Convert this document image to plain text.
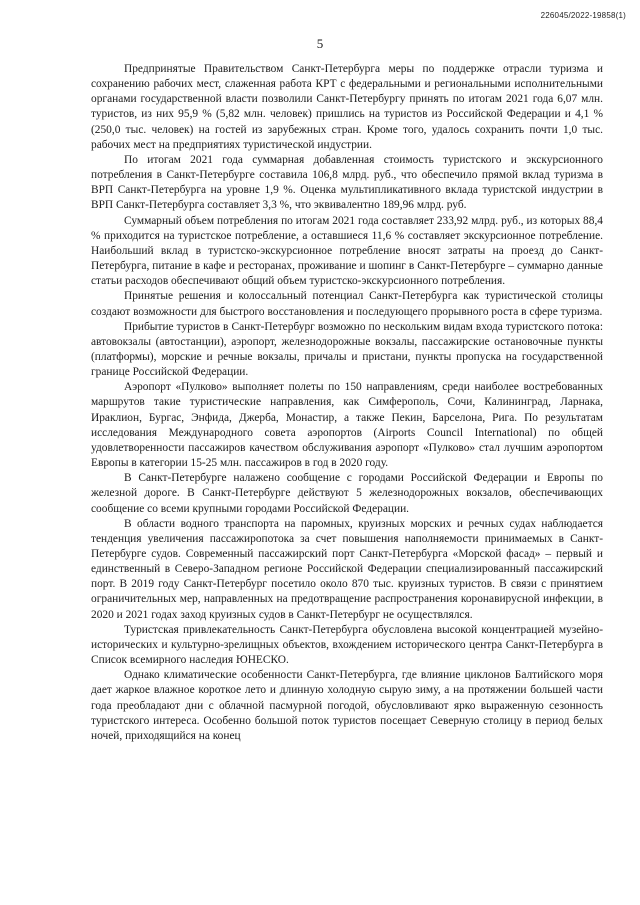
226045/2022-19858(1)
5

Предпринятые Правительством Санкт-Петербурга меры по поддержке отрасли туризма и сохранению рабочих мест, слаженная работа КРТ с федеральными и региональными исполнительными органами государственной власти позволили Санкт-Петербургу принять по итогам 2021 года 6,07 млн. туристов, из них 95,9 % (5,82 млн. человек) пришлись на туристов из Российской Федерации и 4,1 % (250,0 тыс. человек) на гостей из зарубежных стран. Кроме того, удалось сохранить почти 1,0 тыс. рабочих мест на предприятиях туристической индустрии.

По итогам 2021 года суммарная добавленная стоимость туристского и экскурсионного потребления в Санкт-Петербурге составила 106,8 млрд. руб., что обеспечило прямой вклад туризма в ВРП Санкт-Петербурга на уровне 1,9 %. Оценка мультипликативного вклада туристской индустрии в ВРП Санкт-Петербурга составляет 3,3 %, что эквивалентно 189,96 млрд. руб.

Суммарный объем потребления по итогам 2021 года составляет 233,92 млрд. руб., из которых 88,4 % приходится на туристское потребление, а оставшиеся 11,6 % составляет экскурсионное потребление. Наибольший вклад в туристско-экскурсионное потребление вносят затраты на проезд до Санкт-Петербурга, питание в кафе и ресторанах, проживание и шопинг в Санкт-Петербурге – суммарно данные статьи расходов обеспечивают общий объем туристско-экскурсионного потребления.

Принятые решения и колоссальный потенциал Санкт-Петербурга как туристической столицы создают возможности для быстрого восстановления и последующего прорывного роста в сфере туризма.

Прибытие туристов в Санкт-Петербург возможно по нескольким видам входа туристского потока: автовокзалы (автостанции), аэропорт, железнодорожные вокзалы, пассажирские остановочные пункты (платформы), морские и речные вокзалы, причалы и пристани, пункты пропуска на государственной границе Российской Федерации.

Аэропорт «Пулково» выполняет полеты по 150 направлениям, среди наиболее востребованных маршрутов такие туристические направления, как Симферополь, Сочи, Калининград, Ларнака, Ираклион, Бургас, Энфида, Джерба, Монастир, а также Пекин, Барселона, Рига. По результатам исследования Международного совета аэропортов (Airports Council International) по общей удовлетворенности пассажиров качеством обслуживания аэропорт «Пулково» стал лучшим аэропортом Европы в категории 15-25 млн. пассажиров в год в 2020 году.

В Санкт-Петербурге налажено сообщение с городами Российской Федерации и Европы по железной дороге. В Санкт-Петербурге действуют 5 железнодорожных вокзалов, обеспечивающих сообщение со всеми крупными городами Российской Федерации.

В области водного транспорта на паромных, круизных морских и речных судах наблюдается тенденция увеличения пассажиропотока за счет повышения наполняемости принимаемых в Санкт-Петербурге судов. Современный пассажирский порт Санкт-Петербурга «Морской фасад» – первый и единственный в Северо-Западном регионе Российской Федерации специализированный пассажирский порт. В 2019 году Санкт-Петербург посетило около 870 тыс. круизных туристов. В связи с принятием ограничительных мер, направленных на предотвращение распространения коронавирусной инфекции, в 2020 и 2021 годах заход круизных судов в Санкт-Петербург не осуществлялся.

Туристская привлекательность Санкт-Петербурга обусловлена высокой концентрацией музейно-исторических и культурно-зрелищных объектов, вхождением исторического центра Санкт-Петербурга в Список всемирного наследия ЮНЕСКО.

Однако климатические особенности Санкт-Петербурга, где влияние циклонов Балтийского моря дает жаркое влажное короткое лето и длинную холодную сырую зиму, а на протяжении большей части года преобладают дни с облачной пасмурной погодой, обусловливают ярко выраженную сезонность туристского интереса. Особенно большой поток туристов посещает Северную столицу в период белых ночей, приходящийся на конец
